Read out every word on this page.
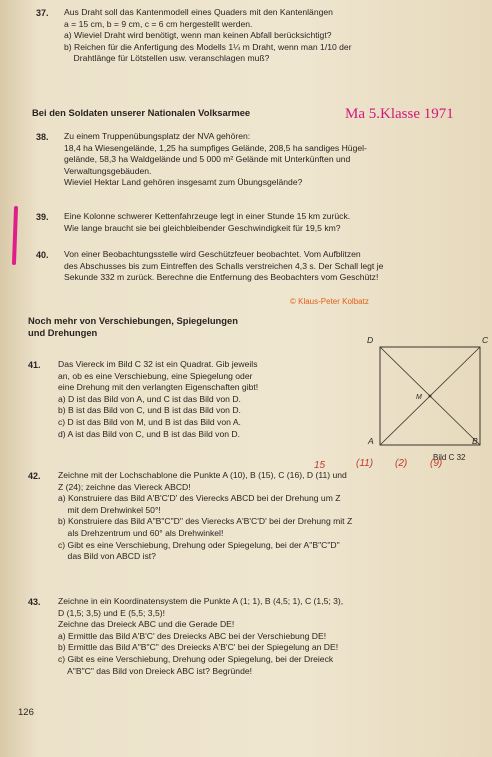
37. Aus Draht soll das Kantenmodell eines Quaders mit den Kantenlängen
a = 15 cm, b = 9 cm, c = 6 cm hergestellt werden.
a) Wieviel Draht wird benötigt, wenn man keinen Abfall berücksichtigt?
b) Reichen für die Anfertigung des Modells 1¼ m Draht, wenn man 1/10 der
Drahtlänge für Lötstellen usw. veranschlagen muß?
Bei den Soldaten unserer Nationalen Volksarmee	Ma 5.Klasse 1971
38. Zu einem Truppenübungsplatz der NVA gehören:
18,4 ha Wiesengelände, 1,25 ha sumpfiges Gelände, 208,5 ha sandiges Hügel-
gelände, 58,3 ha Waldgelände und 5 000 m² Gelände mit Unterkünften und
Verwaltungsgebäuden.
Wieviel Hektar Land gehören insgesamt zum Übungsgelände?
39. Eine Kolonne schwerer Kettenfahrzeuge legt in einer Stunde 15 km zurück.
Wie lange braucht sie bei gleichbleibender Geschwindigkeit für 19,5 km?
40. Von einer Beobachtungsstelle wird Geschützfeuer beobachtet. Vom Aufblitzen
des Abschusses bis zum Eintreffen des Schalls verstreichen 4,3 s. Der Schall legt je
Sekunde 332 m zurück. Berechne die Entfernung des Beobachters vom Geschütz!
© Klaus-Peter Kolbatz
Noch mehr von Verschiebungen, Spiegelungen
und Drehungen
41. Das Viereck im Bild C 32 ist ein Quadrat. Gib jeweils
an, ob es eine Verschiebung, eine Spiegelung oder
eine Drehung mit den verlangten Eigenschaften gibt!
a) D ist das Bild von A, und C ist das Bild von D.
b) B ist das Bild von C, und B ist das Bild von D.
c) D ist das Bild von M, und B ist das Bild von A.
d) A ist das Bild von C, und B ist das Bild von D.
D	C
M
A	B
Bild C 32
15	(11) (2) (9)
42. Zeichne mit der Lochschablone die Punkte A (10), B (15), C (16), D (11) und
Z (24); zeichne das Viereck ABCD!
a) Konstruiere das Bild A'B'C'D' des Vierecks ABCD bei der Drehung um Z
mit dem Drehwinkel 50°!
b) Konstruiere das Bild A"B"C"D" des Vierecks A'B'C'D' bei der Drehung mit Z
als Drehzentrum und 60° als Drehwinkel!
c) Gibt es eine Verschiebung, Drehung oder Spiegelung, bei der A"B"C"D"
das Bild von ABCD ist?
43. Zeichne in ein Koordinatensystem die Punkte A (1; 1), B (4,5; 1), C (1,5; 3),
D (1,5; 3,5) und E (5,5; 3,5)!
Zeichne das Dreieck ABC und die Gerade DE!
a) Ermittle das Bild A'B'C' des Dreiecks ABC bei der Verschiebung DE!
b) Ermittle das Bild A"B"C" des Dreiecks A'B'C' bei der Spiegelung an DE!
c) Gibt es eine Verschiebung, Drehung oder Spiegelung, bei der Dreieck
A"B"C" das Bild von Dreieck ABC ist? Begründe!
126
